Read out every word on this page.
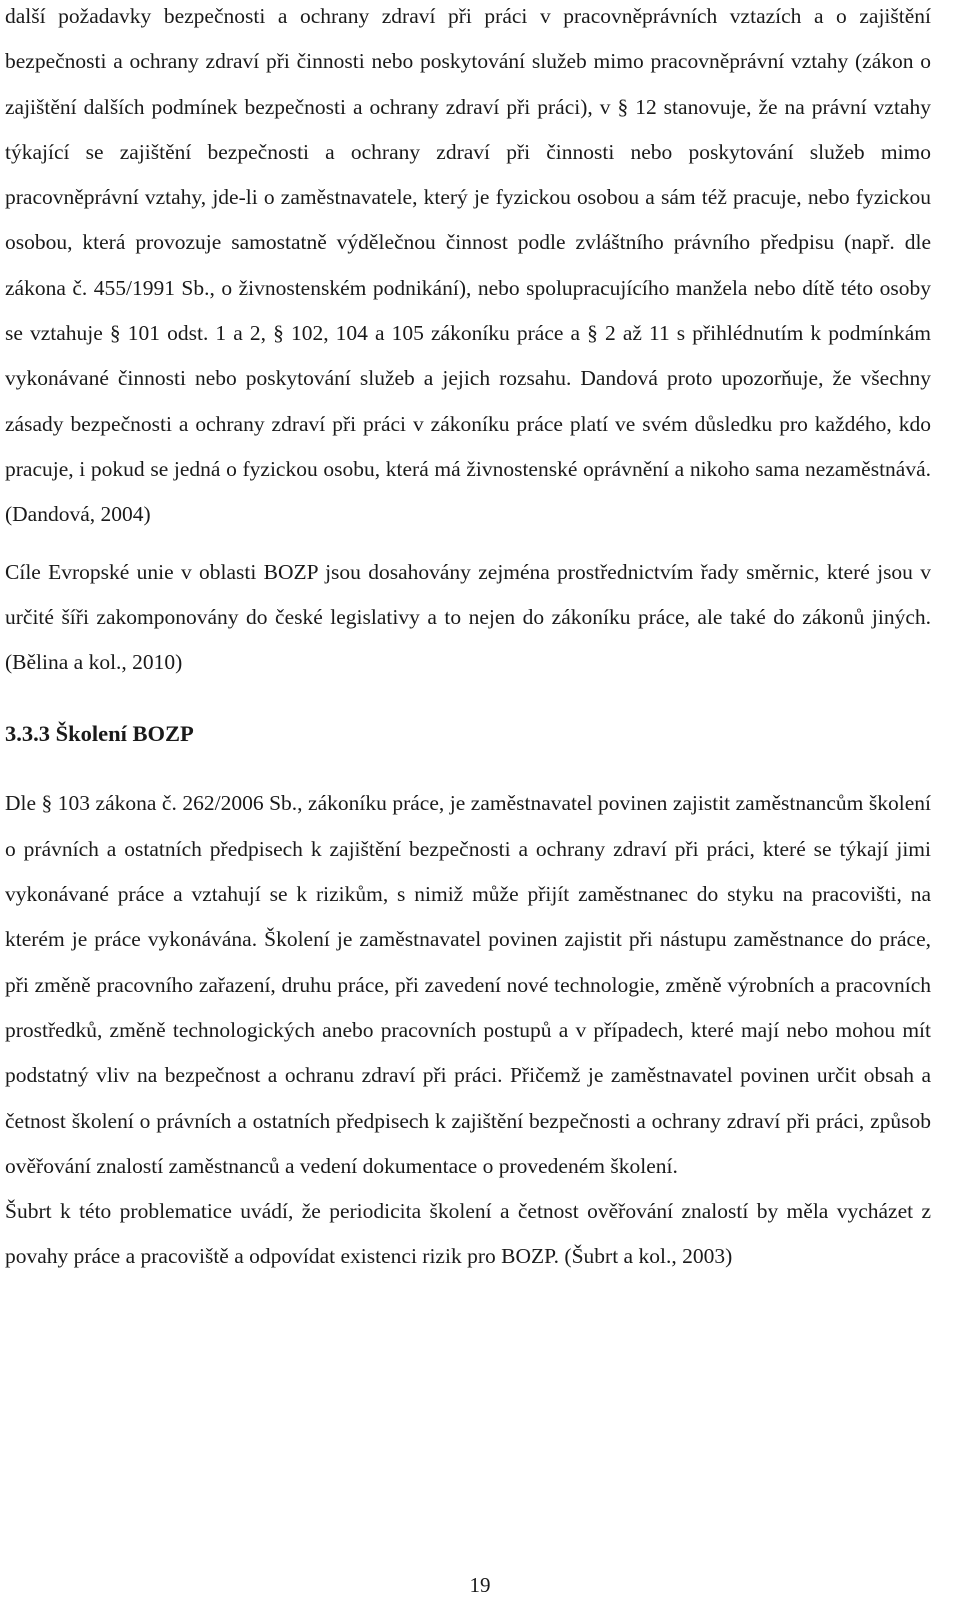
další požadavky bezpečnosti a ochrany zdraví při práci v pracovněprávních vztazích a o zajištění bezpečnosti a ochrany zdraví při činnosti nebo poskytování služeb mimo pracovněprávní vztahy (zákon o zajištění dalších podmínek bezpečnosti a ochrany zdraví při práci), v § 12 stanovuje, že na právní vztahy týkající se zajištění bezpečnosti a ochrany zdraví při činnosti nebo poskytování služeb mimo pracovněprávní vztahy, jde-li o zaměstnavatele, který je fyzickou osobou a sám též pracuje, nebo fyzickou osobou, která provozuje samostatně výdělečnou činnost podle zvláštního právního předpisu (např. dle zákona č. 455/1991 Sb., o živnostenském podnikání), nebo spolupracujícího manžela nebo dítě této osoby se vztahuje § 101 odst. 1 a 2, § 102, 104 a 105 zákoníku práce a § 2 až 11 s přihlédnutím k podmínkám vykonávané činnosti nebo poskytování služeb a jejich rozsahu. Dandová proto upozorňuje, že všechny zásady bezpečnosti a ochrany zdraví při práci v zákoníku práce platí ve svém důsledku pro každého, kdo pracuje, i pokud se jedná o fyzickou osobu, která má živnostenské oprávnění a nikoho sama nezaměstnává. (Dandová, 2004)

Cíle Evropské unie v oblasti BOZP jsou dosahovány zejména prostřednictvím řady směrnic, které jsou v určité šíři zakomponovány do české legislativy a to nejen do zákoníku práce, ale také do zákonů jiných. (Bělina a kol., 2010)

3.3.3 Školení BOZP

Dle § 103 zákona č. 262/2006 Sb., zákoníku práce, je zaměstnavatel povinen zajistit zaměstnancům školení o právních a ostatních předpisech k zajištění bezpečnosti a ochrany zdraví při práci, které se týkají jimi vykonávané práce a vztahují se k rizikům, s nimiž může přijít zaměstnanec do styku na pracovišti, na kterém je práce vykonávána. Školení je zaměstnavatel povinen zajistit při nástupu zaměstnance do práce, při změně pracovního zařazení, druhu práce, při zavedení nové technologie, změně výrobních a pracovních prostředků, změně technologických anebo pracovních postupů a v případech, které mají nebo mohou mít podstatný vliv na bezpečnost a ochranu zdraví při práci. Přičemž je zaměstnavatel povinen určit obsah a četnost školení o právních a ostatních předpisech k zajištění bezpečnosti a ochrany zdraví při práci, způsob ověřování znalostí zaměstnanců a vedení dokumentace o provedeném školení.

Šubrt k této problematice uvádí, že periodicita školení a četnost ověřování znalostí by měla vycházet z povahy práce a pracoviště a odpovídat existenci rizik pro BOZP. (Šubrt a kol., 2003)

19
